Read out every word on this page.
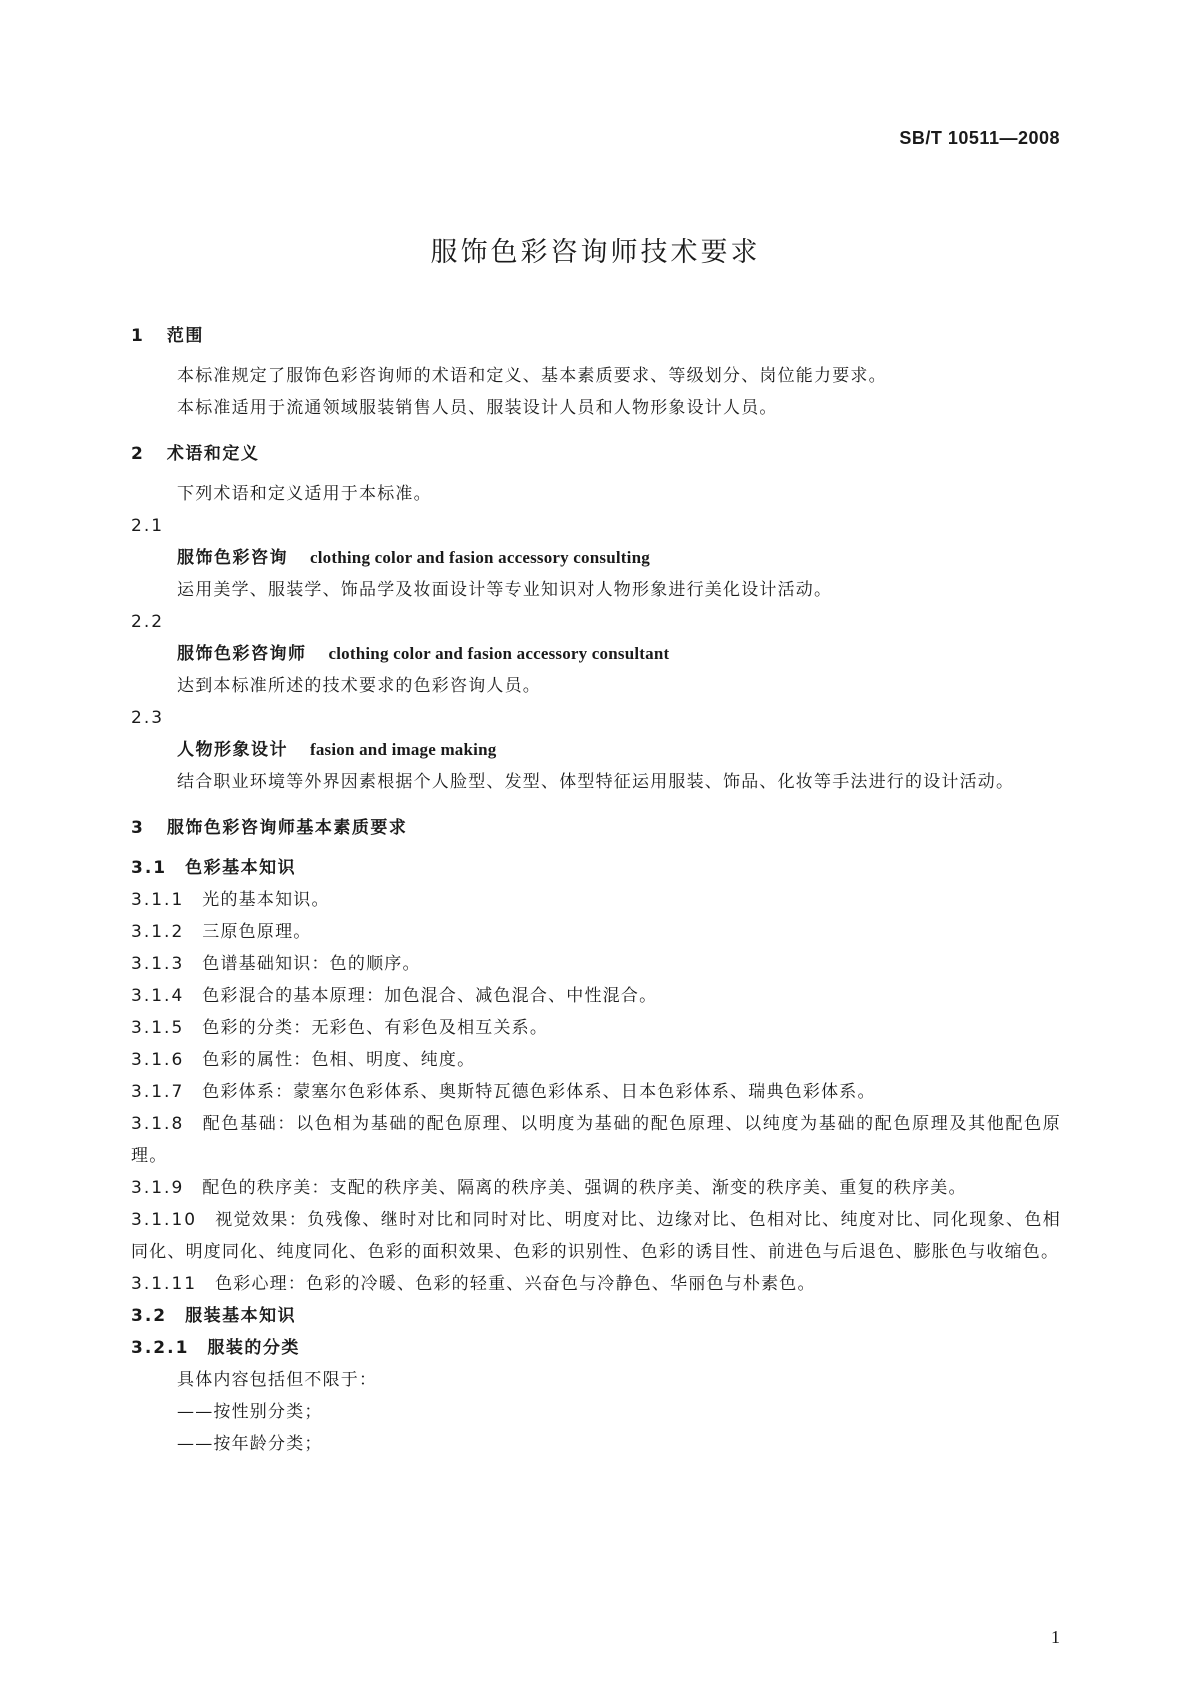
SB/T 10511—2008
服饰色彩咨询师技术要求
1 范围
本标准规定了服饰色彩咨询师的术语和定义、基本素质要求、等级划分、岗位能力要求。
本标准适用于流通领域服装销售人员、服装设计人员和人物形象设计人员。
2 术语和定义
下列术语和定义适用于本标准。
2.1
服饰色彩咨询 clothing color and fasion accessory consulting
运用美学、服装学、饰品学及妆面设计等专业知识对人物形象进行美化设计活动。
2.2
服饰色彩咨询师 clothing color and fasion accessory consultant
达到本标准所述的技术要求的色彩咨询人员。
2.3
人物形象设计 fasion and image making
结合职业环境等外界因素根据个人脸型、发型、体型特征运用服装、饰品、化妆等手法进行的设计活动。
3 服饰色彩咨询师基本素质要求
3.1 色彩基本知识
3.1.1 光的基本知识。
3.1.2 三原色原理。
3.1.3 色谱基础知识：色的顺序。
3.1.4 色彩混合的基本原理：加色混合、减色混合、中性混合。
3.1.5 色彩的分类：无彩色、有彩色及相互关系。
3.1.6 色彩的属性：色相、明度、纯度。
3.1.7 色彩体系：蒙塞尔色彩体系、奥斯特瓦德色彩体系、日本色彩体系、瑞典色彩体系。
3.1.8 配色基础：以色相为基础的配色原理、以明度为基础的配色原理、以纯度为基础的配色原理及其他配色原理。
3.1.9 配色的秩序美：支配的秩序美、隔离的秩序美、强调的秩序美、渐变的秩序美、重复的秩序美。
3.1.10 视觉效果：负残像、继时对比和同时对比、明度对比、边缘对比、色相对比、纯度对比、同化现象、色相同化、明度同化、纯度同化、色彩的面积效果、色彩的识别性、色彩的诱目性、前进色与后退色、膨胀色与收缩色。
3.1.11 色彩心理：色彩的冷暖、色彩的轻重、兴奋色与冷静色、华丽色与朴素色。
3.2 服装基本知识
3.2.1 服装的分类
具体内容包括但不限于：
——按性别分类；
——按年龄分类；
1
